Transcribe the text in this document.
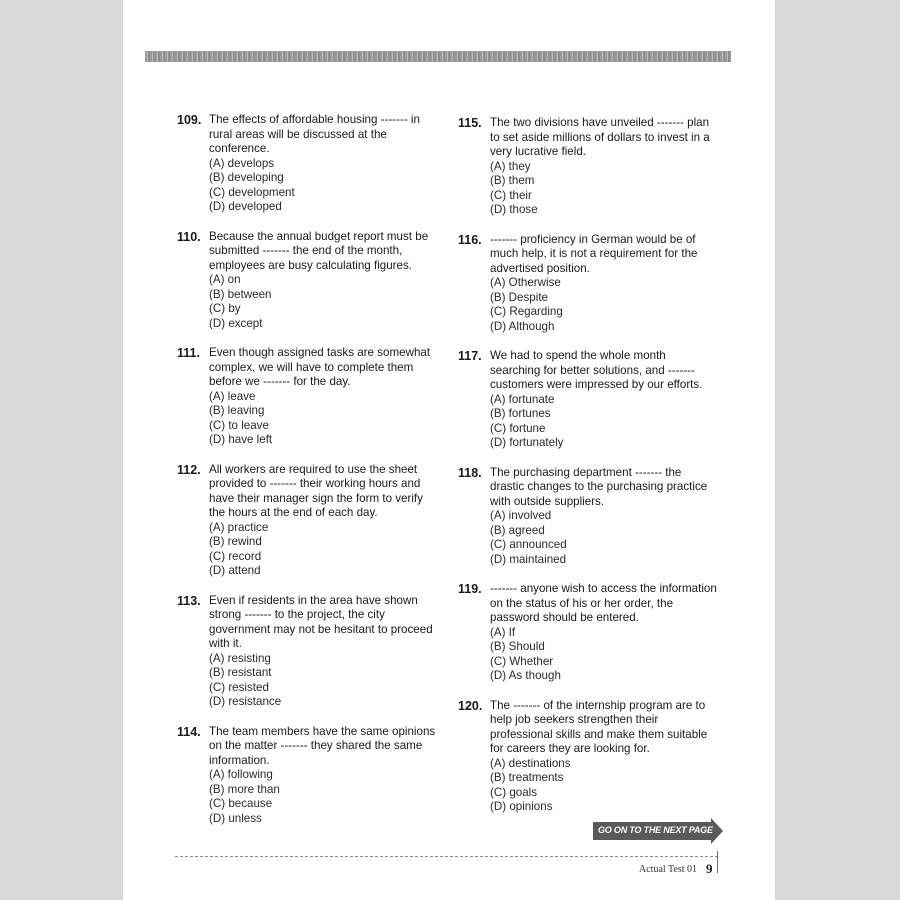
109. The effects of affordable housing ------- in
rural areas will be discussed at the
conference.
(A) develops
(B) developing
(C) development
(D) developed
110. Because the annual budget report must be
submitted ------- the end of the month,
employees are busy calculating figures.
(A) on
(B) between
(C) by
(D) except
111. Even though assigned tasks are somewhat
complex, we will have to complete them
before we ------- for the day.
(A) leave
(B) leaving
(C) to leave
(D) have left
112. All workers are required to use the sheet
provided to ------- their working hours and
have their manager sign the form to verify
the hours at the end of each day.
(A) practice
(B) rewind
(C) record
(D) attend
113. Even if residents in the area have shown
strong ------- to the project, the city
government may not be hesitant to proceed
with it.
(A) resisting
(B) resistant
(C) resisted
(D) resistance
114. The team members have the same opinions
on the matter ------- they shared the same
information.
(A) following
(B) more than
(C) because
(D) unless
115. The two divisions have unveiled ------- plan
to set aside millions of dollars to invest in a
very lucrative field.
(A) they
(B) them
(C) their
(D) those
116. ------- proficiency in German would be of
much help, it is not a requirement for the
advertised position.
(A) Otherwise
(B) Despite
(C) Regarding
(D) Although
117. We had to spend the whole month
searching for better solutions, and -------
customers were impressed by our efforts.
(A) fortunate
(B) fortunes
(C) fortune
(D) fortunately
118. The purchasing department ------- the
drastic changes to the purchasing practice
with outside suppliers.
(A) involved
(B) agreed
(C) announced
(D) maintained
119. ------- anyone wish to access the information
on the status of his or her order, the
password should be entered.
(A) If
(B) Should
(C) Whether
(D) As though
120. The ------- of the internship program are to
help job seekers strengthen their
professional skills and make them suitable
for careers they are looking for.
(A) destinations
(B) treatments
(C) goals
(D) opinions
GO ON TO THE NEXT PAGE
Actual Test 01 9
